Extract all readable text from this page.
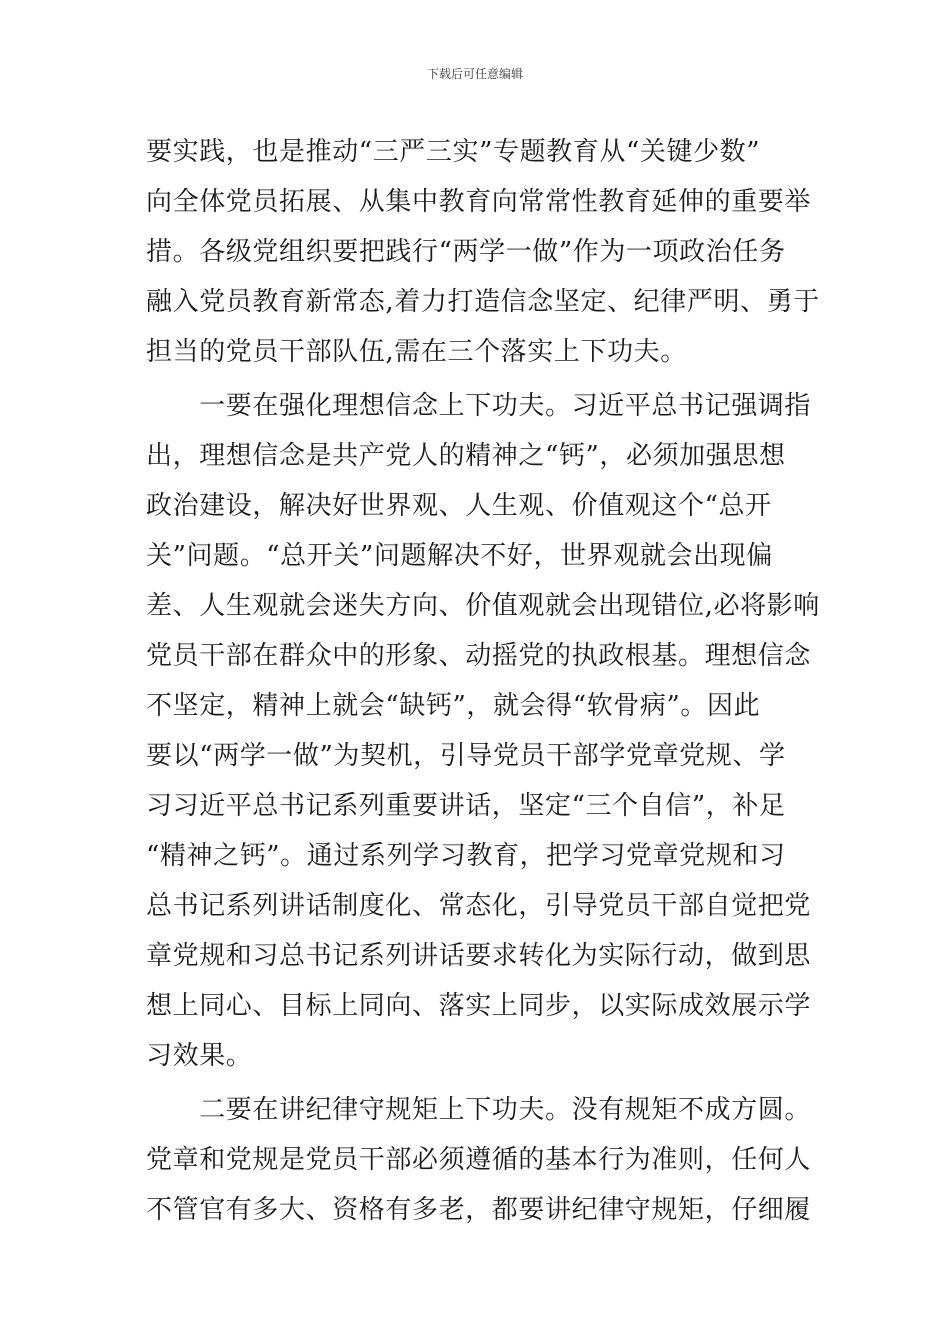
下载后可任意编辑

要实践，也是推动“三严三实”专题教育从“关键少数”
向全体党员拓展、从集中教育向常常性教育延伸的重要举
措。各级党组织要把践行“两学一做”作为一项政治任务
融入党员教育新常态,着力打造信念坚定、纪律严明、勇于
担当的党员干部队伍,需在三个落实上下功夫。

　　一要在强化理想信念上下功夫。习近平总书记强调指
出，理想信念是共产党人的精神之“钙”，必须加强思想
政治建设，解决好世界观、人生观、价值观这个“总开
关”问题。“总开关”问题解决不好，世界观就会出现偏
差、人生观就会迷失方向、价值观就会出现错位,必将影响
党员干部在群众中的形象、动摇党的执政根基。理想信念
不坚定，精神上就会“缺钙”，就会得“软骨病”。因此
要以“两学一做”为契机，引导党员干部学党章党规、学
习习近平总书记系列重要讲话，坚定“三个自信”，补足
“精神之钙”。通过系列学习教育，把学习党章党规和习
总书记系列讲话制度化、常态化，引导党员干部自觉把党
章党规和习总书记系列讲话要求转化为实际行动，做到思
想上同心、目标上同向、落实上同步，以实际成效展示学
习效果。

　　二要在讲纪律守规矩上下功夫。没有规矩不成方圆。
党章和党规是党员干部必须遵循的基本行为准则，任何人
不管官有多大、资格有多老，都要讲纪律守规矩，仔细履
